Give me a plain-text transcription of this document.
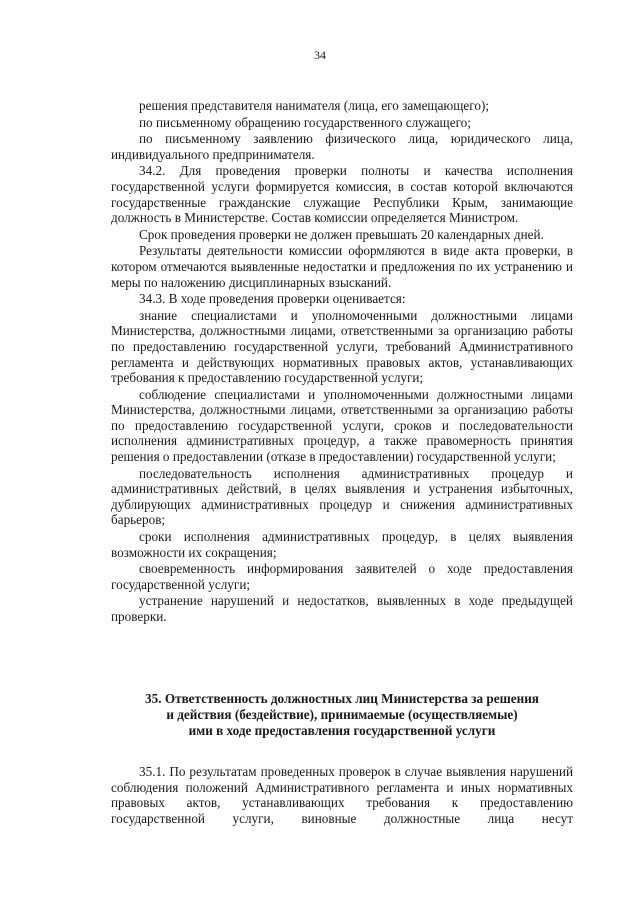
34

решения представителя нанимателя (лица, его замещающего);

по письменному обращению государственного служащего;

по письменному заявлению физического лица, юридического лица, индивидуального предпринимателя.

34.2. Для проведения проверки полноты и качества исполнения государственной услуги формируется комиссия, в состав которой включаются государственные гражданские служащие Республики Крым, занимающие должность в Министерстве. Состав комиссии определяется Министром.

Срок проведения проверки не должен превышать 20 календарных дней.

Результаты деятельности комиссии оформляются в виде акта проверки, в котором отмечаются выявленные недостатки и предложения по их устранению и меры по наложению дисциплинарных взысканий.

34.3. В ходе проведения проверки оценивается:

знание специалистами и уполномоченными должностными лицами Министерства, должностными лицами, ответственными за организацию работы по предоставлению государственной услуги, требований Административного регламента и действующих нормативных правовых актов, устанавливающих требования к предоставлению государственной услуги;

соблюдение специалистами и уполномоченными должностными лицами Министерства, должностными лицами, ответственными за организацию работы по предоставлению государственной услуги, сроков и последовательности исполнения административных процедур, а также правомерность принятия решения о предоставлении (отказе в предоставлении) государственной услуги;

последовательность исполнения административных процедур и административных действий, в целях выявления и устранения избыточных, дублирующих административных процедур и снижения административных барьеров;

сроки исполнения административных процедур, в целях выявления возможности их сокращения;

своевременность информирования заявителей о ходе предоставления государственной услуги;

устранение нарушений и недостатков, выявленных в ходе предыдущей проверки.

35. Ответственность должностных лиц Министерства за решения
и действия (бездействие), принимаемые (осуществляемые)
ими в ходе предоставления государственной услуги

35.1. По результатам проведенных проверок в случае выявления нарушений соблюдения положений Административного регламента и иных нормативных правовых актов, устанавливающих требования к предоставлению государственной услуги, виновные должностные лица несут
